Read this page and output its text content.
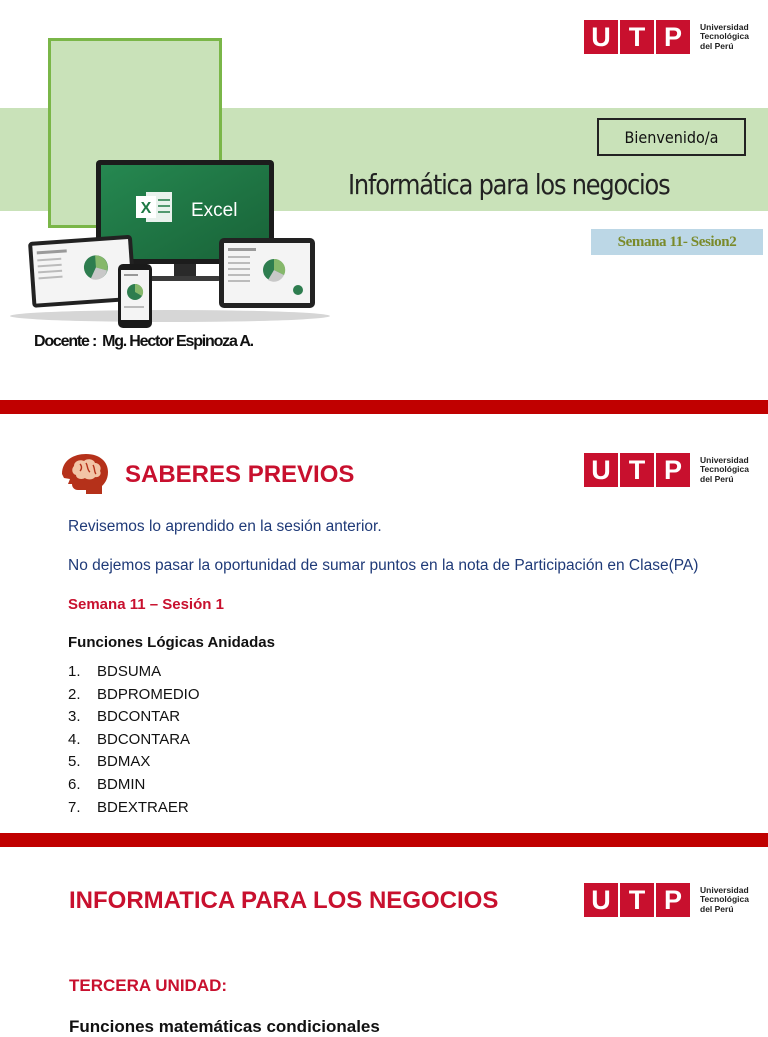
U T P	Universidad
Tecnológica
del Perú
X Excel
Bienvenido/a
Informática para los negocios
Semana 11- Sesion2
Docente : Mg. Hector Espinoza A.
SABERES PREVIOS	U T P	Universidad
Tecnológica
del Perú
Revisemos lo aprendido en la sesión anterior.
No dejemos pasar la oportunidad de sumar puntos en la nota de Participación en Clase(PA)
Semana 11 – Sesión 1
Funciones Lógicas Anidadas
1.	BDSUMA
2.	BDPROMEDIO
3.	BDCONTAR
4.	BDCONTARA
5.	BDMAX
6.	BDMIN
7.	BDEXTRAER
INFORMATICA PARA LOS NEGOCIOS	U T P	Universidad
Tecnológica
del Perú
TERCERA UNIDAD:
Funciones matemáticas condicionales
